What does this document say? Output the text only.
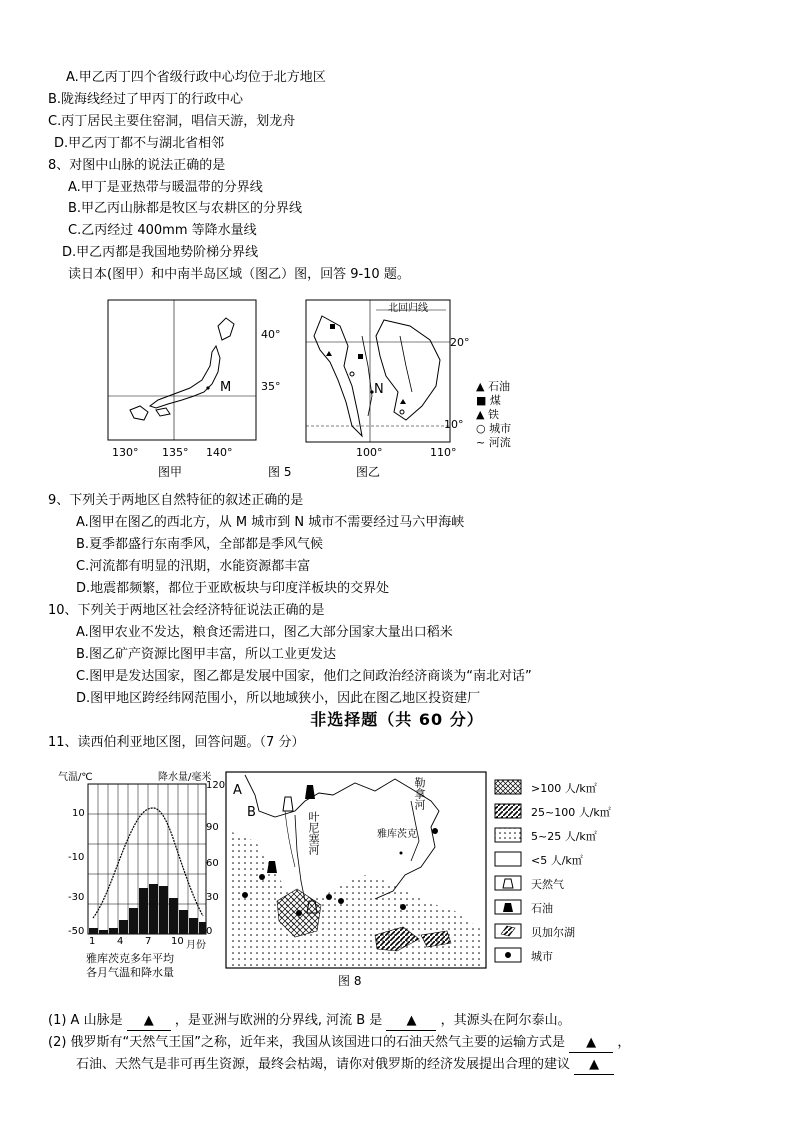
A.甲乙丙丁四个省级行政中心均位于北方地区
B.陇海线经过了甲丙丁的行政中心
C.丙丁居民主要住窑洞，唱信天游，划龙舟
D.甲乙丙丁都不与湖北省相邻
8、对图中山脉的说法正确的是
A.甲丁是亚热带与暖温带的分界线
B.甲乙丙山脉都是牧区与农耕区的分界线
C.乙丙经过 400mm 等降水量线
D.甲乙丙都是我国地势阶梯分界线
读日本(图甲）和中南半岛区域（图乙）图，回答 9-10 题。
M
40°
35°
130° 135° 140°
北回归线
N
20°
10°
100°	110°
▲ 石油
■ 煤
▲ 铁
○ 城市
~ 河流
图甲	图 5	图乙
9、下列关于两地区自然特征的叙述正确的是
A.图甲在图乙的西北方，从 M 城市到 N 城市不需要经过马六甲海峡
B.夏季都盛行东南季风，全部都是季风气候
C.河流都有明显的汛期，水能资源都丰富
D.地震都频繁，都位于亚欧板块与印度洋板块的交界处
10、下列关于两地区社会经济特征说法正确的是
A.图甲农业不发达，粮食还需进口，图乙大部分国家大量出口稻米
B.图乙矿产资源比图甲丰富，所以工业更发达
C.图甲是发达国家，图乙都是发展中国家，他们之间政治经济商谈为“南北对话”
D.图甲地区跨经纬网范围小，所以地域狭小，因此在图乙地区投资建厂
非选择题（共 60 分）
11、读西伯利亚地区图，回答问题。（7 分）
气温/℃	降水量/毫米
10
-10
-30
-50
120
90
60
30
0
1 4 7 10 月份
雅库茨克多年平均
各月气温和降水量
A
B	叶尼塞河
勒拿河
雅库茨克
>100 人/k㎡
25~100 人/k㎡
5~25 人/k㎡
<5 人/k㎡
天然气
石油
贝加尔湖
城市
图 8
(1) A 山脉是 ▲ ，是亚洲与欧洲的分界线, 河流 B 是 ▲ ，其源头在阿尔泰山。
(2) 俄罗斯有“天然气王国”之称，近年来，我国从该国进口的石油天然气主要的运输方式是 ▲ ，
石油、天然气是非可再生资源，最终会枯竭，请你对俄罗斯的经济发展提出合理的建议 ▲
